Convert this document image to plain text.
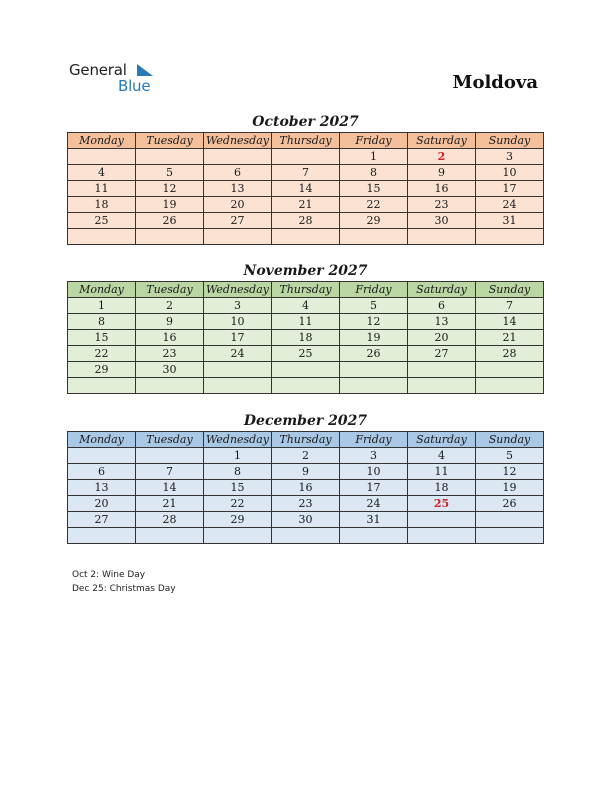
General
Blue	Moldova
October 2027
Monday	Tuesday	Wednesday	Thursday	Friday	Saturday	Sunday
				1	2	3
4	5	6	7	8	9	10
11	12	13	14	15	16	17
18	19	20	21	22	23	24
25	26	27	28	29	30	31

November 2027
Monday	Tuesday	Wednesday	Thursday	Friday	Saturday	Sunday
1	2	3	4	5	6	7
8	9	10	11	12	13	14
15	16	17	18	19	20	21
22	23	24	25	26	27	28
29	30					

December 2027
Monday	Tuesday	Wednesday	Thursday	Friday	Saturday	Sunday
		1	2	3	4	5
6	7	8	9	10	11	12
13	14	15	16	17	18	19
20	21	22	23	24	25	26
27	28	29	30	31		

Oct 2: Wine Day
Dec 25: Christmas Day
